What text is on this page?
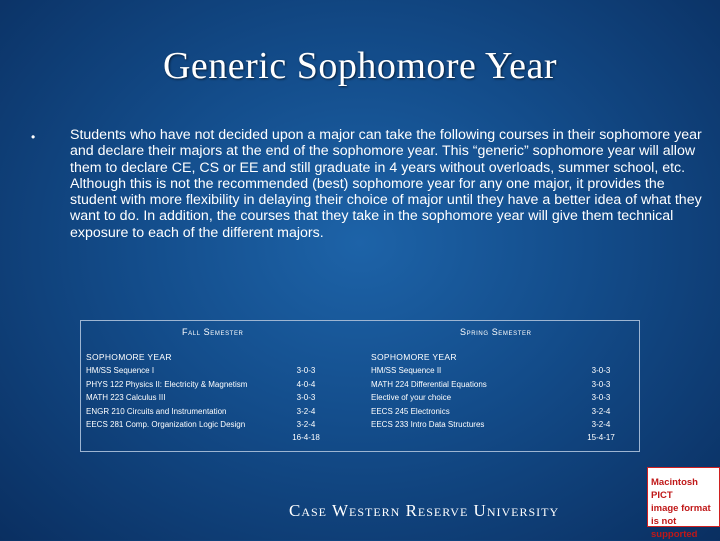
Generic Sophomore Year
• Students who have not decided upon a major can take the following courses in their sophomore year and declare their majors at the end of the sophomore year. This “generic” sophomore year will allow them to declare CE, CS or EE and still graduate in 4 years without overloads, summer school, etc. Although this is not the recommended (best) sophomore year for any one major, it provides the student with more flexibility in delaying their choice of major until they have a better idea of what they want to do. In addition, the courses that they take in the sophomore year will give them technical exposure to each of the different majors.
Fall Semester	Spring Semester
SOPHOMORE YEAR
HM/SS Sequence I
PHYS 122 Physics II: Electricity & Magnetism
MATH 223 Calculus III
ENGR 210 Circuits and Instrumentation
EECS 281 Comp. Organization Logic Design
3-0-3
4-0-4
3-0-3
3-2-4
3-2-4
16-4-18
SOPHOMORE YEAR
HM/SS Sequence II
MATH 224 Differential Equations
Elective of your choice
EECS 245 Electronics
EECS 233 Intro Data Structures
3-0-3
3-0-3
3-0-3
3-2-4
3-2-4
15-4-17
Case Western Reserve University
Macintosh PICT
image format
is not supported
